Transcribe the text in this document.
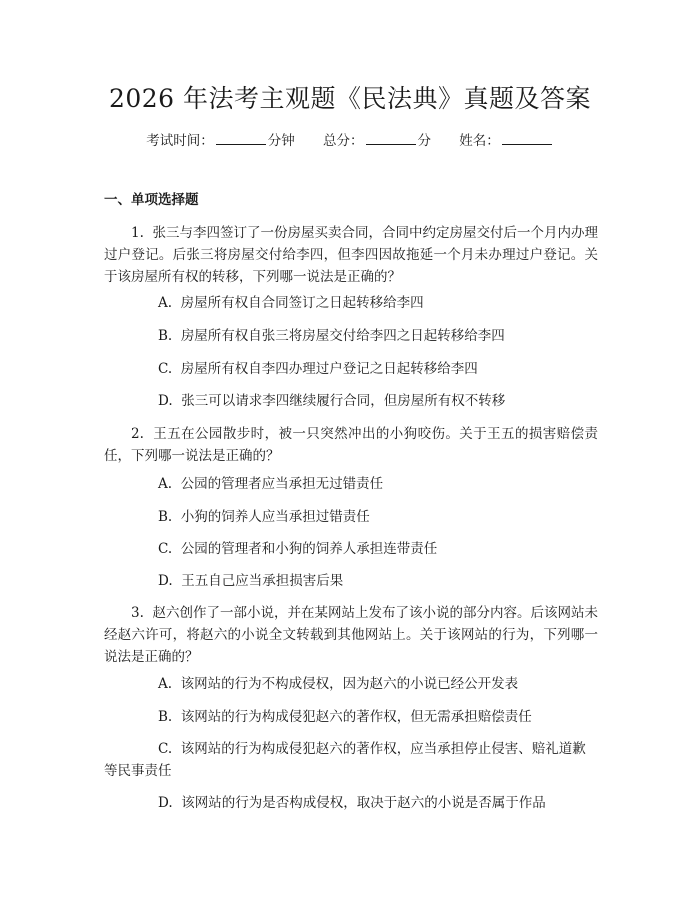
2026 年法考主观题《民法典》真题及答案
考试时间：	分钟 总分：	分 姓名：
一、单项选择题
1. 张三与李四签订了一份房屋买卖合同，合同中约定房屋交付后一个月内办理过户登记。后张三将房屋交付给李四，但李四因故拖延一个月未办理过户登记。关于该房屋所有权的转移，下列哪一说法是正确的？
A. 房屋所有权自合同签订之日起转移给李四
B. 房屋所有权自张三将房屋交付给李四之日起转移给李四
C. 房屋所有权自李四办理过户登记之日起转移给李四
D. 张三可以请求李四继续履行合同，但房屋所有权不转移
2. 王五在公园散步时，被一只突然冲出的小狗咬伤。关于王五的损害赔偿责任，下列哪一说法是正确的？
A. 公园的管理者应当承担无过错责任
B. 小狗的饲养人应当承担过错责任
C. 公园的管理者和小狗的饲养人承担连带责任
D. 王五自己应当承担损害后果
3. 赵六创作了一部小说，并在某网站上发布了该小说的部分内容。后该网站未经赵六许可，将赵六的小说全文转载到其他网站上。关于该网站的行为，下列哪一说法是正确的？
A. 该网站的行为不构成侵权，因为赵六的小说已经公开发表
B. 该网站的行为构成侵犯赵六的著作权，但无需承担赔偿责任
C. 该网站的行为构成侵犯赵六的著作权，应当承担停止侵害、赔礼道歉等民事责任
D. 该网站的行为是否构成侵权，取决于赵六的小说是否属于作品
